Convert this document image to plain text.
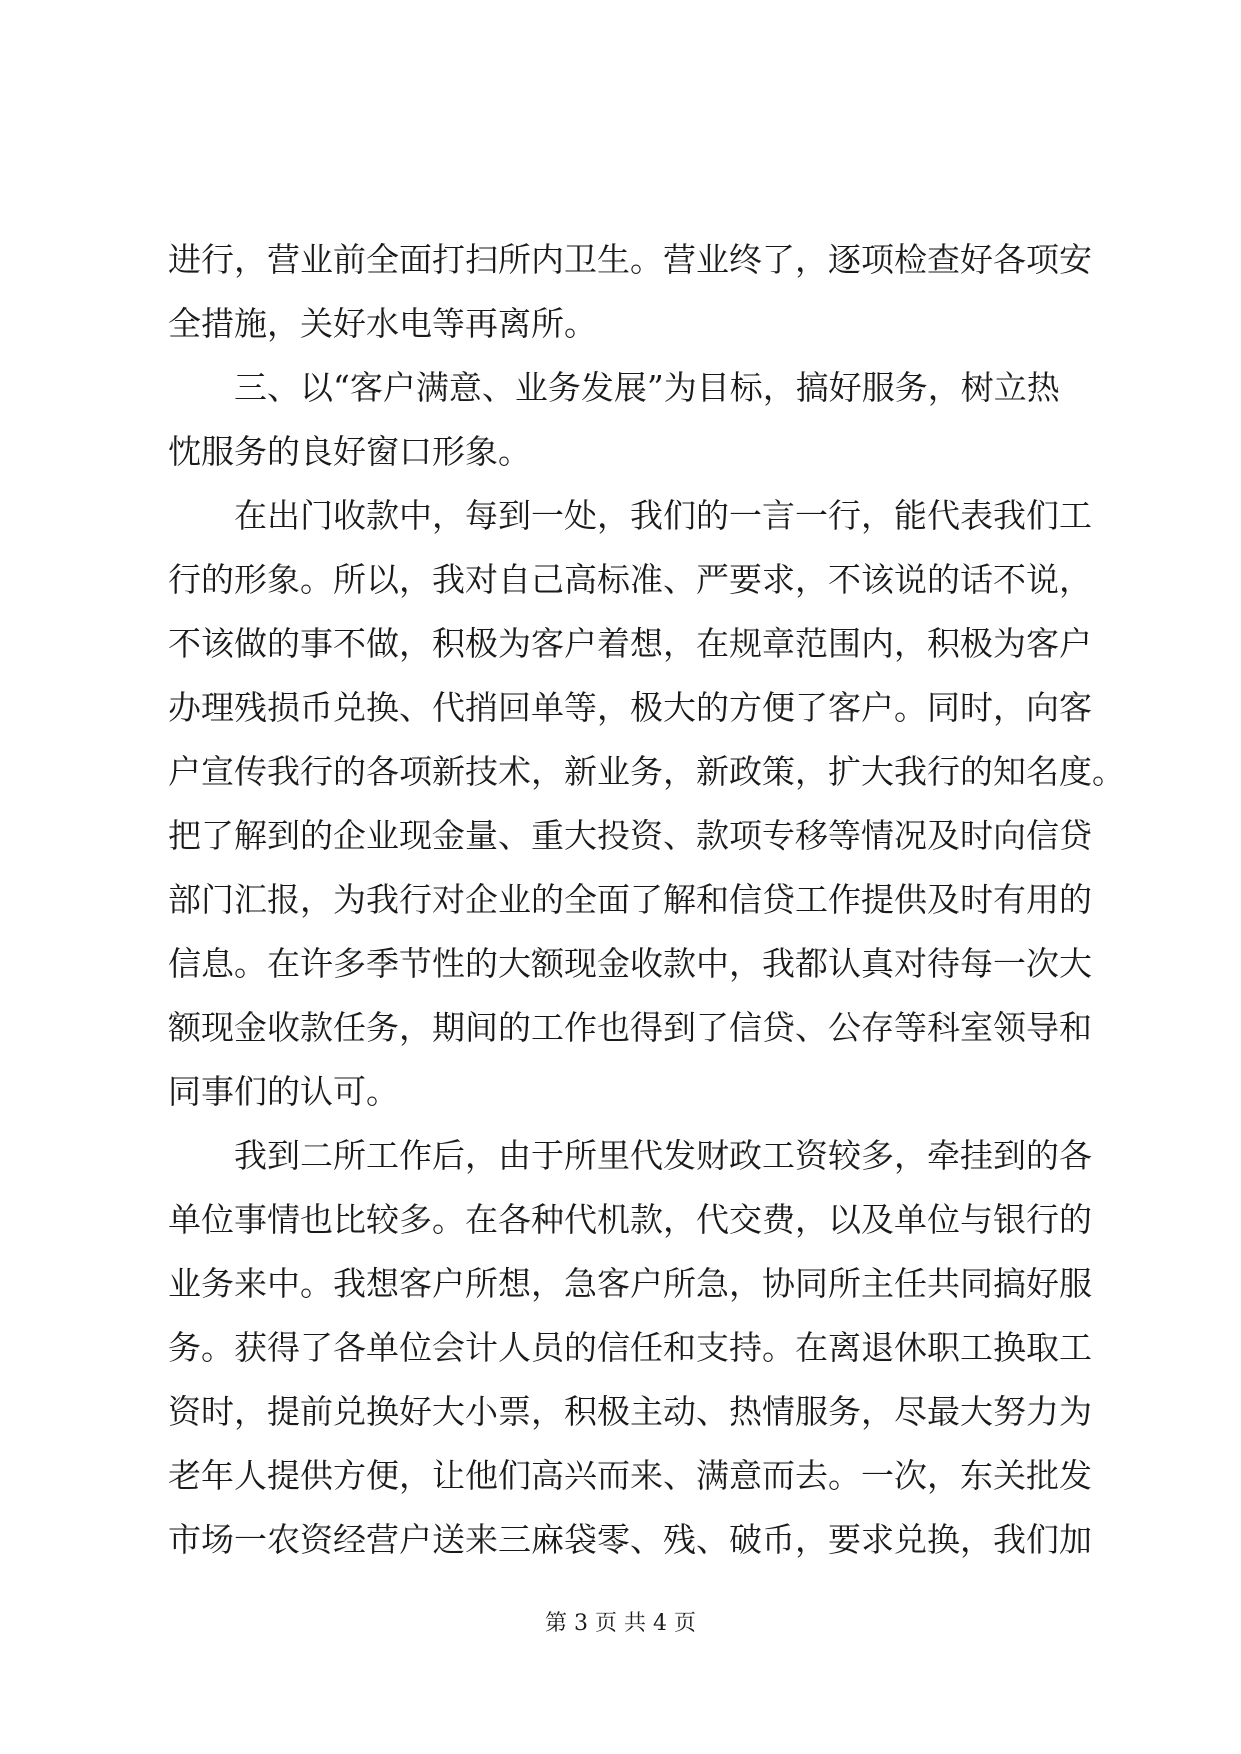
进行，营业前全面打扫所内卫生。营业终了，逐项检查好各项安
全措施，关好水电等再离所。
　　三、以“客户满意、业务发展”为目标，搞好服务，树立热
忱服务的良好窗口形象。
　　在出门收款中，每到一处，我们的一言一行，能代表我们工
行的形象。所以，我对自己高标准、严要求，不该说的话不说，
不该做的事不做，积极为客户着想，在规章范围内，积极为客户
办理残损币兑换、代捎回单等，极大的方便了客户。同时，向客
户宣传我行的各项新技术，新业务，新政策，扩大我行的知名度。
把了解到的企业现金量、重大投资、款项专移等情况及时向信贷
部门汇报，为我行对企业的全面了解和信贷工作提供及时有用的
信息。在许多季节性的大额现金收款中，我都认真对待每一次大
额现金收款任务，期间的工作也得到了信贷、公存等科室领导和
同事们的认可。
　　我到二所工作后，由于所里代发财政工资较多，牵挂到的各
单位事情也比较多。在各种代机款，代交费，以及单位与银行的
业务来中。我想客户所想，急客户所急，协同所主任共同搞好服
务。获得了各单位会计人员的信任和支持。在离退休职工换取工
资时，提前兑换好大小票，积极主动、热情服务，尽最大努力为
老年人提供方便，让他们高兴而来、满意而去。一次，东关批发
市场一农资经营户送来三麻袋零、残、破币，要求兑换，我们加
第 3 页 共 4 页
